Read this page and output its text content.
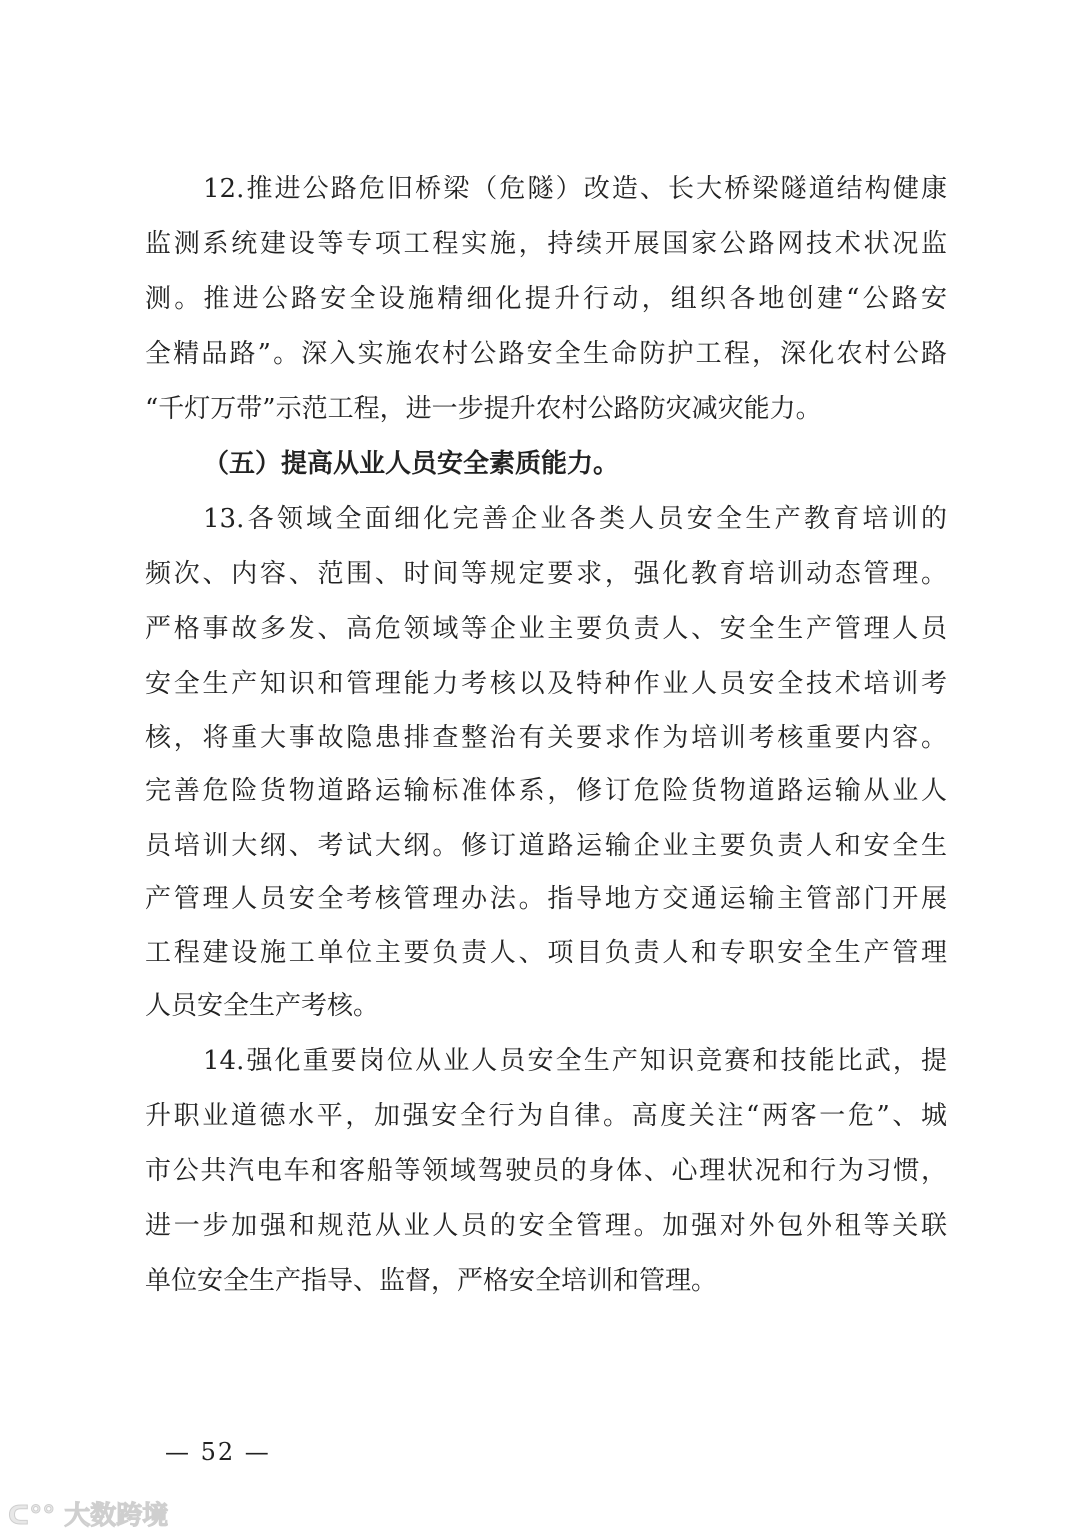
12.推进公路危旧桥梁（危隧）改造、长大桥梁隧道结构健康
监测系统建设等专项工程实施，持续开展国家公路网技术状况监
测。推进公路安全设施精细化提升行动，组织各地创建“公路安
全精品路”。深入实施农村公路安全生命防护工程，深化农村公路
“千灯万带”示范工程，进一步提升农村公路防灾减灾能力。
（五）提高从业人员安全素质能力。
13.各领域全面细化完善企业各类人员安全生产教育培训的
频次、内容、范围、时间等规定要求，强化教育培训动态管理。
严格事故多发、高危领域等企业主要负责人、安全生产管理人员
安全生产知识和管理能力考核以及特种作业人员安全技术培训考
核，将重大事故隐患排查整治有关要求作为培训考核重要内容。
完善危险货物道路运输标准体系，修订危险货物道路运输从业人
员培训大纲、考试大纲。修订道路运输企业主要负责人和安全生
产管理人员安全考核管理办法。指导地方交通运输主管部门开展
工程建设施工单位主要负责人、项目负责人和专职安全生产管理
人员安全生产考核。
14.强化重要岗位从业人员安全生产知识竞赛和技能比武，提
升职业道德水平，加强安全行为自律。高度关注“两客一危”、城
市公共汽电车和客船等领域驾驶员的身体、心理状况和行为习惯，
进一步加强和规范从业人员的安全管理。加强对外包外租等关联
单位安全生产指导、监督，严格安全培训和管理。
— 52 —
ᑕ°° 大数跨境
